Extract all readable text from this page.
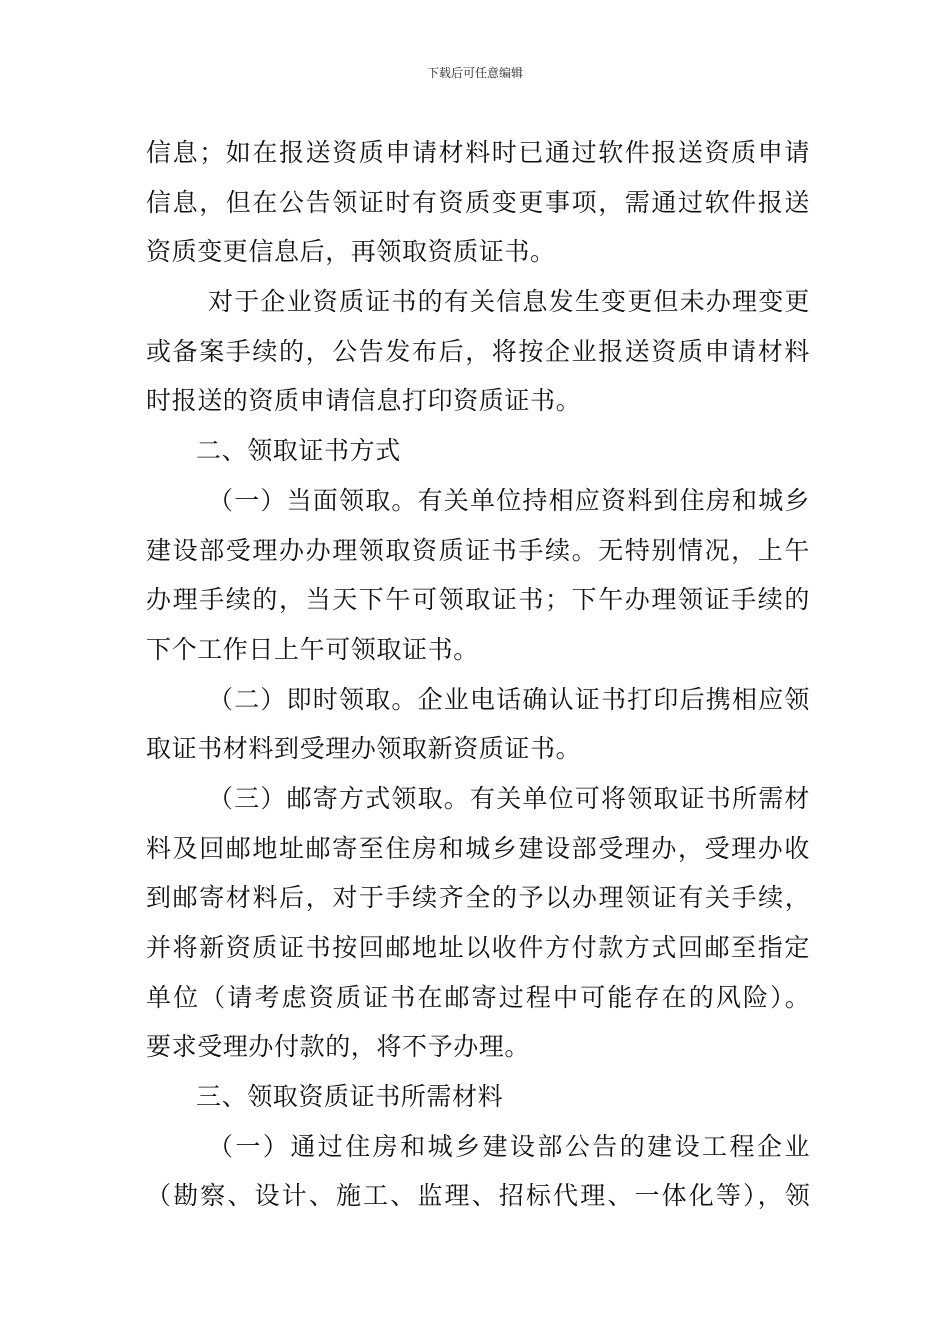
下载后可任意编辑
信息；如在报送资质申请材料时已通过软件报送资质申请
信息，但在公告领证时有资质变更事项，需通过软件报送
资质变更信息后，再领取资质证书。
对于企业资质证书的有关信息发生变更但未办理变更
或备案手续的，公告发布后，将按企业报送资质申请材料
时报送的资质申请信息打印资质证书。
二、领取证书方式
（一）当面领取。有关单位持相应资料到住房和城乡
建设部受理办办理领取资质证书手续。无特别情况，上午
办理手续的，当天下午可领取证书；下午办理领证手续的
下个工作日上午可领取证书。
（二）即时领取。企业电话确认证书打印后携相应领
取证书材料到受理办领取新资质证书。
（三）邮寄方式领取。有关单位可将领取证书所需材
料及回邮地址邮寄至住房和城乡建设部受理办，受理办收
到邮寄材料后，对于手续齐全的予以办理领证有关手续，
并将新资质证书按回邮地址以收件方付款方式回邮至指定
单位（请考虑资质证书在邮寄过程中可能存在的风险）。
要求受理办付款的，将不予办理。
三、领取资质证书所需材料
（一）通过住房和城乡建设部公告的建设工程企业
（勘察、设计、施工、监理、招标代理、一体化等），领
